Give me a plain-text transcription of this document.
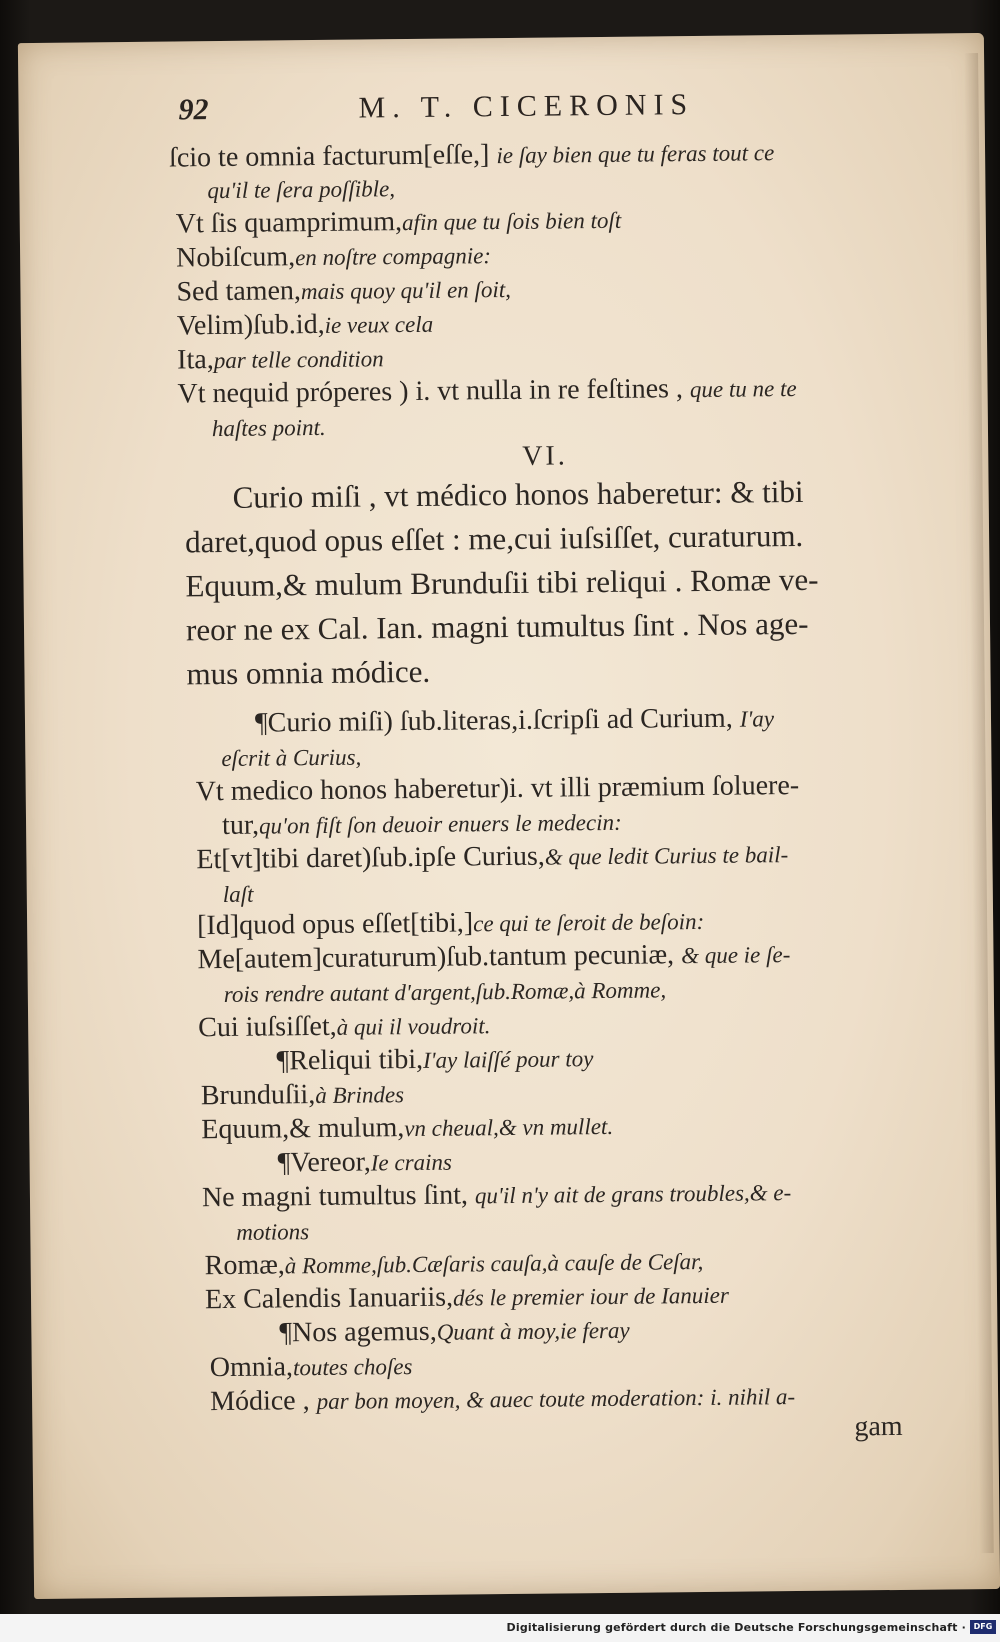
92	M. T. CICERONIS
ſcio te omnia facturum[eſſe,] ie ſay bien que tu feras tout ce
qu'il te ſera poſſible,
Vt ſis quamprimum,afin que tu ſois bien toſt
Nobiſcum,en noſtre compagnie:
Sed tamen,mais quoy qu'il en ſoit,
Velim)ſub.id,ie veux cela
Ita,par telle condition
Vt nequid próperes ) i. vt nulla in re feſtines , que tu ne te
haſtes point.
VI.
Curio miſi , vt médico honos haberetur: & tibi
daret,quod opus eſſet : me,cui iuſsiſſet, curaturum.
Equum,& mulum Brunduſii tibi reliqui . Romæ ve-
reor ne ex Cal. Ian. magni tumultus ſint . Nos age-
mus omnia módice.
¶Curio miſi) ſub.literas,i.ſcripſi ad Curium, I'ay
eſcrit à Curius,
Vt medico honos haberetur)i. vt illi præmium ſoluere-
tur,qu'on fiſt ſon deuoir enuers le medecin:
Et[vt]tibi daret)ſub.ipſe Curius,& que ledit Curius te bail-
laſt
[Id]quod opus eſſet[tibi,]ce qui te ſeroit de beſoin:
Me[autem]curaturum)ſub.tantum pecuniæ, & que ie ſe-
rois rendre autant d'argent,ſub.Romæ,à Romme,
Cui iuſsiſſet,à qui il voudroit.
¶Reliqui tibi,I'ay laiſſé pour toy
Brunduſii,à Brindes
Equum,& mulum,vn cheual,& vn mullet.
¶Vereor,Ie crains
Ne magni tumultus ſint, qu'il n'y ait de grans troubles,& e-
motions
Romæ,à Romme,ſub.Cæſaris cauſa,à cauſe de Ceſar,
Ex Calendis Ianuariis,dés le premier iour de Ianuier
¶Nos agemus,Quant à moy,ie feray
Omnia,toutes choſes
Módice , par bon moyen, & auec toute moderation: i. nihil a-
gam
Digitalisierung gefördert durch die Deutsche Forschungsgemeinschaft · DFG
